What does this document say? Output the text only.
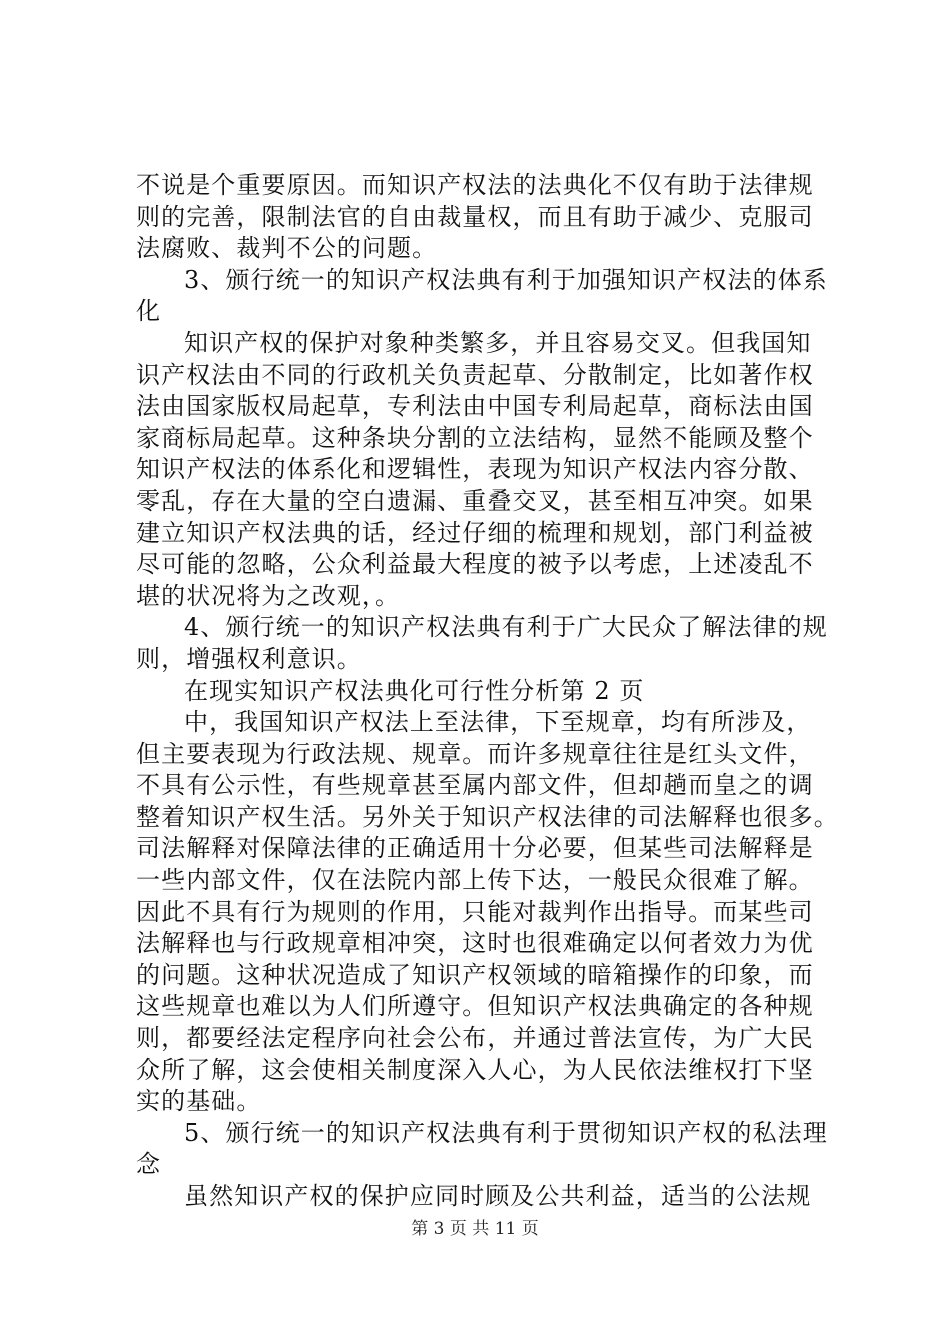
不说是个重要原因。而知识产权法的法典化不仅有助于法律规
则的完善，限制法官的自由裁量权，而且有助于减少、克服司
法腐败、裁判不公的问题。
3、颁行统一的知识产权法典有利于加强知识产权法的体系
化
知识产权的保护对象种类繁多，并且容易交叉。但我国知
识产权法由不同的行政机关负责起草、分散制定，比如著作权
法由国家版权局起草，专利法由中国专利局起草，商标法由国
家商标局起草。这种条块分割的立法结构，显然不能顾及整个
知识产权法的体系化和逻辑性，表现为知识产权法内容分散、
零乱，存在大量的空白遗漏、重叠交叉，甚至相互冲突。如果
建立知识产权法典的话，经过仔细的梳理和规划，部门利益被
尽可能的忽略，公众利益最大程度的被予以考虑，上述凌乱不
堪的状况将为之改观，。
4、颁行统一的知识产权法典有利于广大民众了解法律的规
则，增强权利意识。
在现实知识产权法典化可行性分析第 2 页
中，我国知识产权法上至法律，下至规章，均有所涉及，
但主要表现为行政法规、规章。而许多规章往往是红头文件，
不具有公示性，有些规章甚至属内部文件，但却趟而皇之的调
整着知识产权生活。另外关于知识产权法律的司法解释也很多。
司法解释对保障法律的正确适用十分必要，但某些司法解释是
一些内部文件，仅在法院内部上传下达，一般民众很难了解。
因此不具有行为规则的作用，只能对裁判作出指导。而某些司
法解释也与行政规章相冲突，这时也很难确定以何者效力为优
的问题。这种状况造成了知识产权领域的暗箱操作的印象，而
这些规章也难以为人们所遵守。但知识产权法典确定的各种规
则，都要经法定程序向社会公布，并通过普法宣传，为广大民
众所了解，这会使相关制度深入人心，为人民依法维权打下坚
实的基础。
5、颁行统一的知识产权法典有利于贯彻知识产权的私法理
念
虽然知识产权的保护应同时顾及公共利益，适当的公法规
第 3 页 共 11 页
